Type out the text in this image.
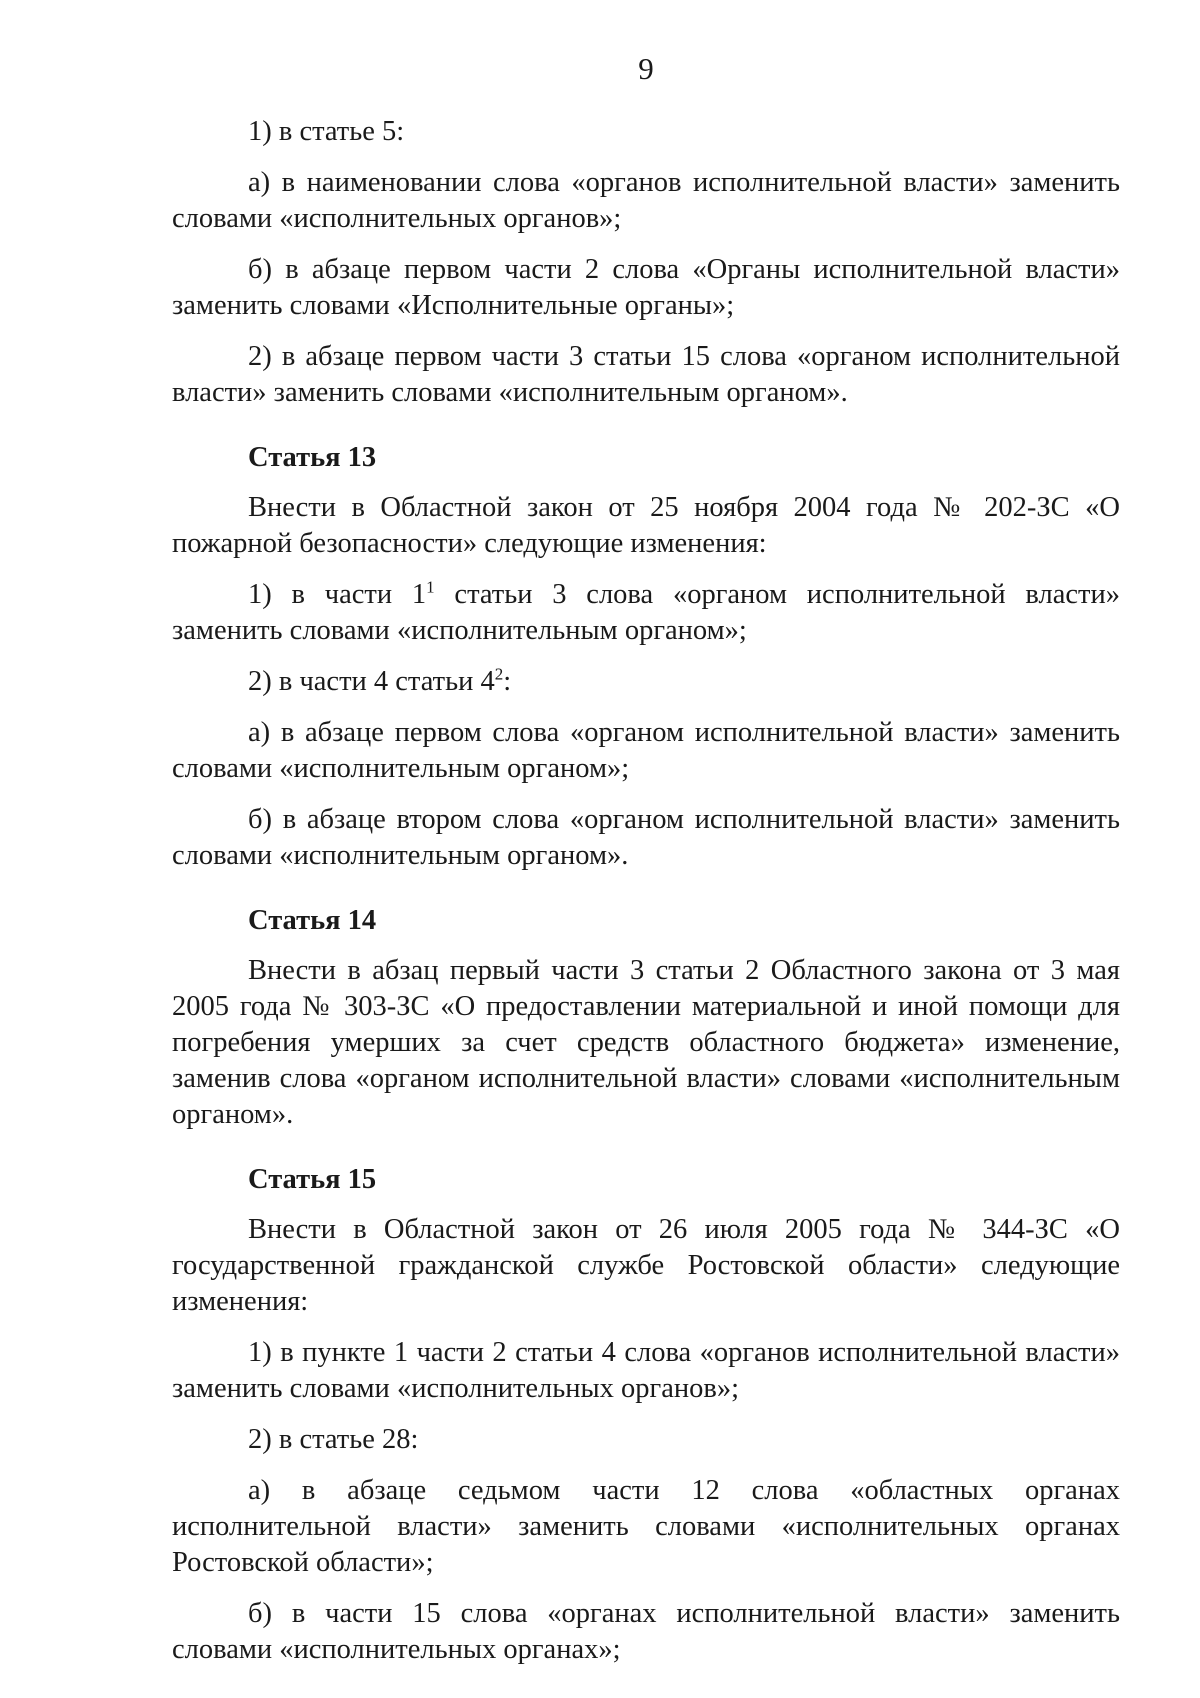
9

1) в статье 5:

а) в наименовании слова «органов исполнительной власти» заменить словами «исполнительных органов»;

б) в абзаце первом части 2 слова «Органы исполнительной власти» заменить словами «Исполнительные органы»;

2) в абзаце первом части 3 статьи 15 слова «органом исполнительной власти» заменить словами «исполнительным органом».

Статья 13

Внести в Областной закон от 25 ноября 2004 года № 202-ЗС «О пожарной безопасности» следующие изменения:

1) в части $1^1$ статьи 3 слова «органом исполнительной власти» заменить словами «исполнительным органом»;

2) в части 4 статьи $4^2$:

а) в абзаце первом слова «органом исполнительной власти» заменить словами «исполнительным органом»;

б) в абзаце втором слова «органом исполнительной власти» заменить словами «исполнительным органом».

Статья 14

Внести в абзац первый части 3 статьи 2 Областного закона от 3 мая 2005 года № 303-ЗС «О предоставлении материальной и иной помощи для погребения умерших за счет средств областного бюджета» изменение, заменив слова «органом исполнительной власти» словами «исполнительным органом».

Статья 15

Внести в Областной закон от 26 июля 2005 года № 344-ЗС «О государственной гражданской службе Ростовской области» следующие изменения:

1) в пункте 1 части 2 статьи 4 слова «органов исполнительной власти» заменить словами «исполнительных органов»;

2) в статье 28:

а) в абзаце седьмом части 12 слова «областных органах исполнительной власти» заменить словами «исполнительных органах Ростовской области»;

б) в части 15 слова «органах исполнительной власти» заменить словами «исполнительных органах»;
